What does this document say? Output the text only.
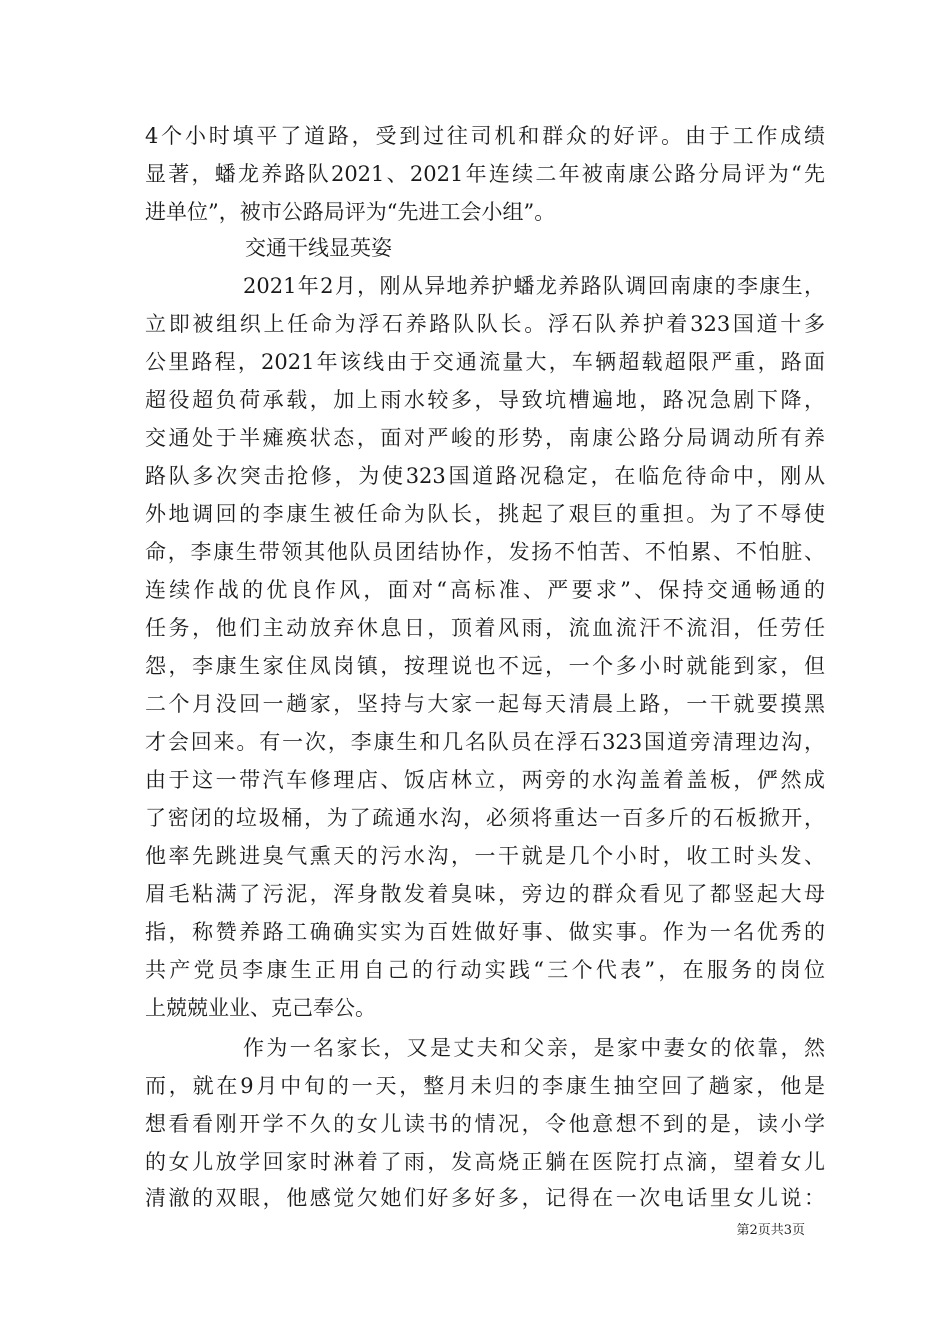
4个小时填平了道路，受到过往司机和群众的好评。由于工作成绩
显著，蟠龙养路队2021、2021年连续二年被南康公路分局评为“先
进单位”，被市公路局评为“先进工会小组”。
交通干线显英姿
2021年2月，刚从异地养护蟠龙养路队调回南康的李康生，
立即被组织上任命为浮石养路队队长。浮石队养护着323国道十多
公里路程，2021年该线由于交通流量大，车辆超载超限严重，路面
超役超负荷承载，加上雨水较多，导致坑槽遍地，路况急剧下降，
交通处于半瘫痪状态，面对严峻的形势，南康公路分局调动所有养
路队多次突击抢修，为使323国道路况稳定，在临危待命中，刚从
外地调回的李康生被任命为队长，挑起了艰巨的重担。为了不辱使
命，李康生带领其他队员团结协作，发扬不怕苦、不怕累、不怕脏、
连续作战的优良作风，面对“高标准、严要求”、保持交通畅通的
任务，他们主动放弃休息日，顶着风雨，流血流汗不流泪，任劳任
怨，李康生家住凤岗镇，按理说也不远，一个多小时就能到家，但
二个月没回一趟家，坚持与大家一起每天清晨上路，一干就要摸黑
才会回来。有一次，李康生和几名队员在浮石323国道旁清理边沟，
由于这一带汽车修理店、饭店林立，两旁的水沟盖着盖板，俨然成
了密闭的垃圾桶，为了疏通水沟，必须将重达一百多斤的石板掀开，
他率先跳进臭气熏天的污水沟，一干就是几个小时，收工时头发、
眉毛粘满了污泥，浑身散发着臭味，旁边的群众看见了都竖起大母
指，称赞养路工确确实实为百姓做好事、做实事。作为一名优秀的
共产党员李康生正用自己的行动实践“三个代表”，在服务的岗位
上兢兢业业、克己奉公。
作为一名家长，又是丈夫和父亲，是家中妻女的依靠，然
而，就在9月中旬的一天，整月未归的李康生抽空回了趟家，他是
想看看刚开学不久的女儿读书的情况，令他意想不到的是，读小学
的女儿放学回家时淋着了雨，发高烧正躺在医院打点滴，望着女儿
清澈的双眼，他感觉欠她们好多好多，记得在一次电话里女儿说：
第2页共3页
